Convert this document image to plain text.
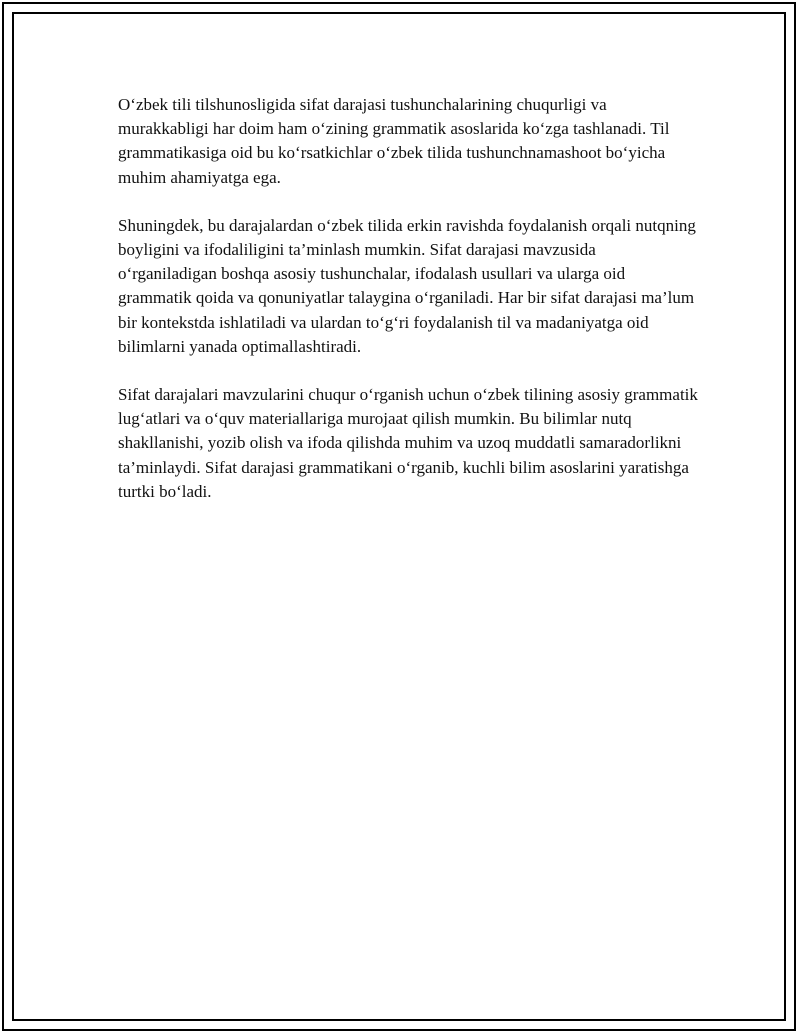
O‘zbek tili tilshunosligida sifat darajasi tushunchalarining chuqurligi va murakkabligi har doim ham o‘zining grammatik asoslarida ko‘zga tashlanadi. Til grammatikasiga oid bu ko‘rsatkichlar o‘zbek tilida tushunchnamashoot bo‘yicha muhim ahamiyatga ega.

Shuningdek, bu darajalardan o‘zbek tilida erkin ravishda foydalanish orqali nutqning boyligini va ifodaliligini ta’minlash mumkin. Sifat darajasi mavzusida o‘rganiladigan boshqa asosiy tushunchalar, ifodalash usullari va ularga oid grammatik qoida va qonuniyatlar talaygina o‘rganiladi. Har bir sifat darajasi ma’lum bir kontekstda ishlatiladi va ulardan to‘g‘ri foydalanish til va madaniyatga oid bilimlarni yanada optimallashtiradi.

Sifat darajalari mavzularini chuqur o‘rganish uchun o‘zbek tilining asosiy grammatik lug‘atlari va o‘quv materiallariga murojaat qilish mumkin. Bu bilimlar nutq shakllanishi, yozib olish va ifoda qilishda muhim va uzoq muddatli samaradorlikni ta’minlaydi. Sifat darajasi grammatikani o‘rganib, kuchli bilim asoslarini yaratishga turtki bo‘ladi.
